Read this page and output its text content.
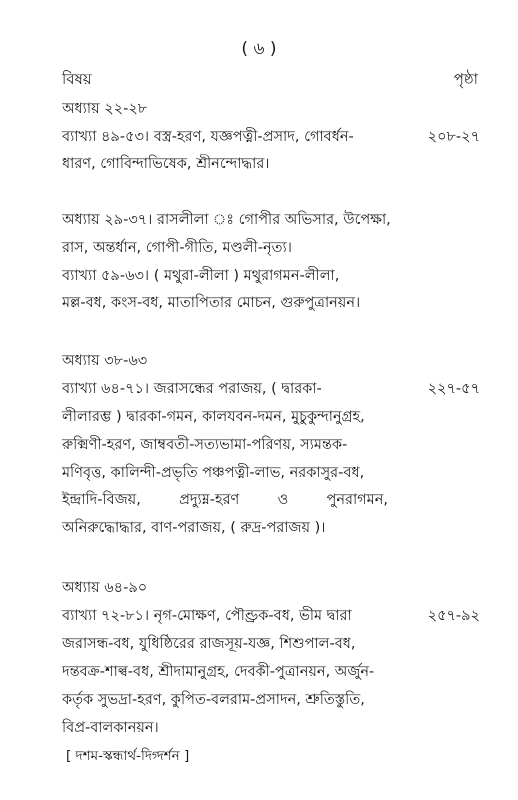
( ৬ )
বিষয়	পৃষ্ঠা
অধ্যায় ২২-২৮
ব্যাখ্যা ৪৯-৫৩। বস্ত্র-হরণ, যজ্ঞপত্নী-প্রসাদ, গোবর্ধন-	২০৮-২৭
ধারণ, গোবিন্দাভিষেক, শ্রীনন্দোদ্ধার।
অধ্যায় ২৯-৩৭। রাসলীলা ঃ গোপীর অভিসার, উপেক্ষা,
রাস, অন্তর্ধান, গোপী-গীতি, মণ্ডলী-নৃত্য।
ব্যাখ্যা ৫৯-৬৩। ( মথুরা-লীলা ) মথুরাগমন-লীলা,
মল্ল-বধ, কংস-বধ, মাতাপিতার মোচন, গুরুপুত্রানয়ন।
অধ্যায় ৩৮-৬৩
ব্যাখ্যা ৬৪-৭১। জরাসন্ধের পরাজয়, ( দ্বারকা-	২২৭-৫৭
লীলারম্ভ ) দ্বারকা-গমন, কালযবন-দমন, মুচুকুন্দানুগ্রহ,
রুক্মিণী-হরণ, জাম্ববতী-সত্যভামা-পরিণয়, স্যমন্তক-
মণিবৃত্ত, কালিন্দী-প্রভৃতি পঞ্চপত্নী-লাভ, নরকাসুর-বধ,
ইন্দ্রাদি-বিজয়,	প্রদ্যুম্ন-হরণ	ও	পুনরাগমন,
অনিরুদ্ধোদ্ধার, বাণ-পরাজয়, ( রুদ্র-পরাজয় )।
অধ্যায় ৬৪-৯০
ব্যাখ্যা ৭২-৮১। নৃগ-মোক্ষণ, পৌণ্ড্রক-বধ, ভীম দ্বারা	২৫৭-৯২
জরাসন্ধ-বধ, যুধিষ্ঠিরের রাজসূয়-যজ্ঞ, শিশুপাল-বধ,
দন্তবক্র-শাল্ব-বধ, শ্রীদামানুগ্রহ, দেবকী-পুত্রানয়ন, অর্জুন-
কর্তৃক সুভদ্রা-হরণ, কুপিত-বলরাম-প্রসাদন, শ্রুতিস্তুতি,
বিপ্র-বালকানয়ন।
[ দশম-স্কন্ধার্থ-দিগ্দর্শন ]
